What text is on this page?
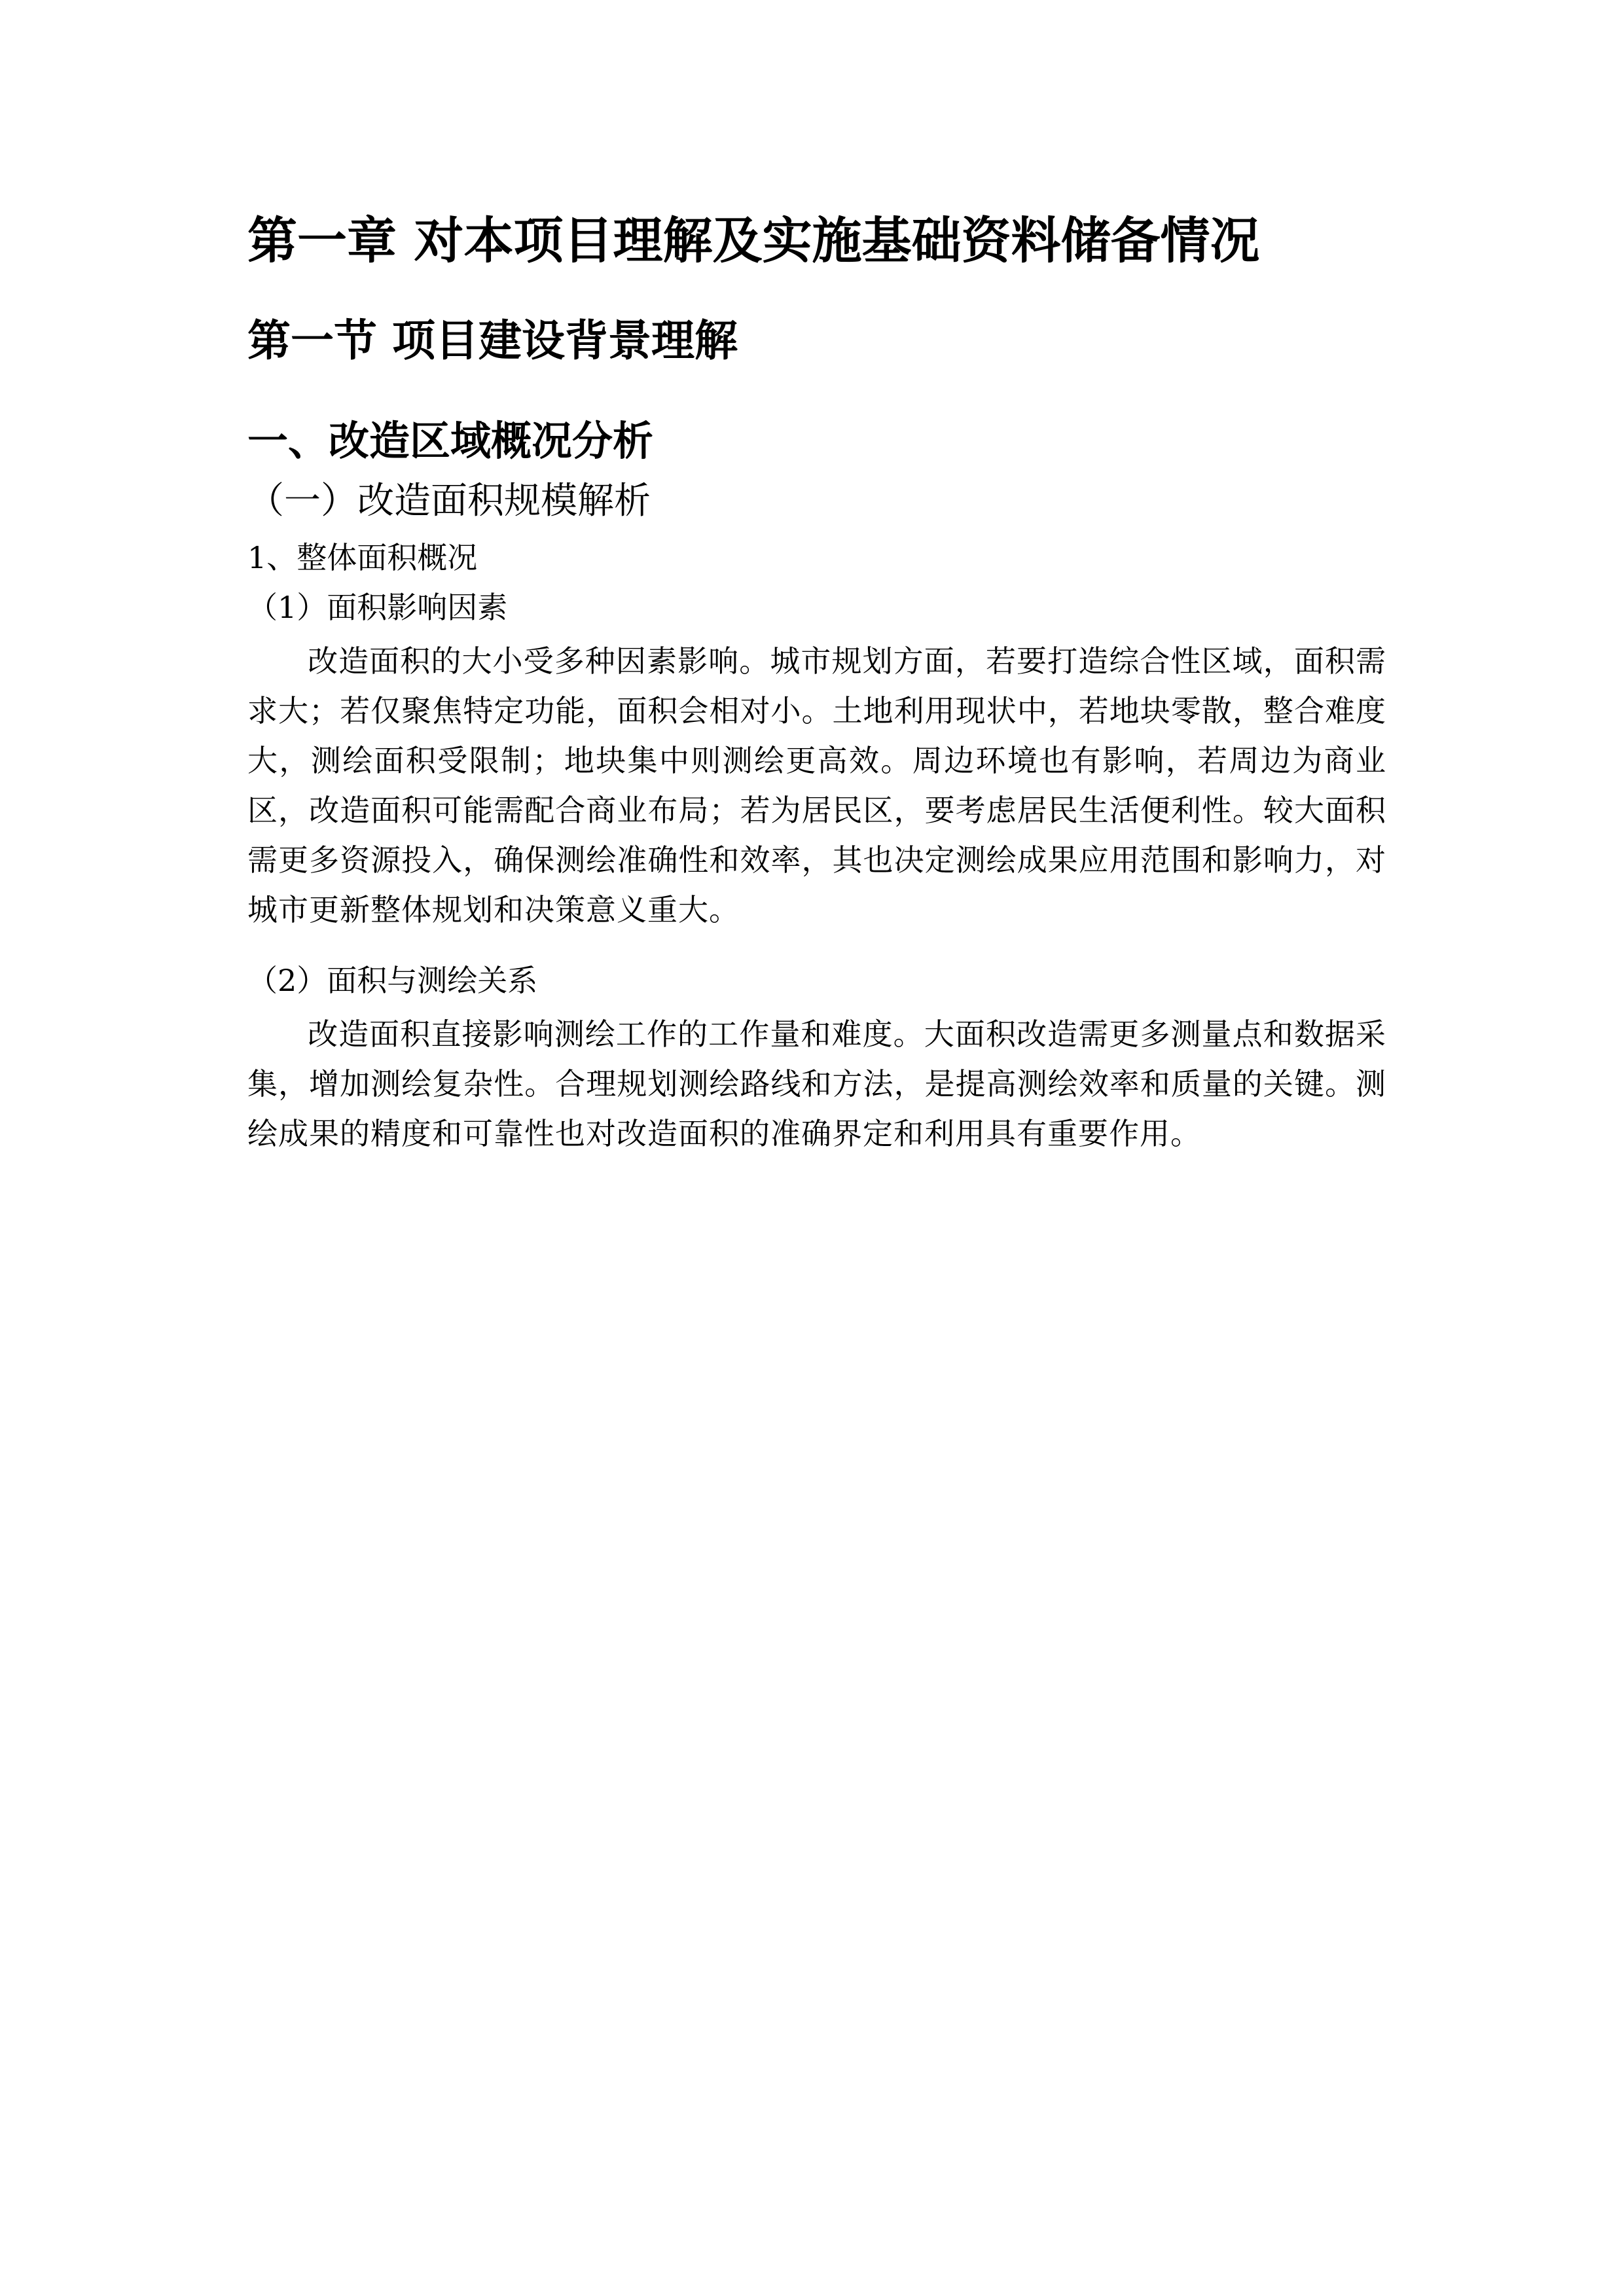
第一章 对本项目理解及实施基础资料储备情况
第一节 项目建设背景理解
一、改造区域概况分析
（一）改造面积规模解析
1、整体面积概况
（1）面积影响因素

改造面积的大小受多种因素影响。城市规划方面，若要打造综合性区域，面积需求大；若仅聚焦特定功能，面积会相对小。土地利用现状中，若地块零散，整合难度大，测绘面积受限制；地块集中则测绘更高效。周边环境也有影响，若周边为商业区，改造面积可能需配合商业布局；若为居民区，要考虑居民生活便利性。较大面积需更多资源投入，确保测绘准确性和效率，其也决定测绘成果应用范围和影响力，对城市更新整体规划和决策意义重大。

（2）面积与测绘关系

改造面积直接影响测绘工作的工作量和难度。大面积改造需更多测量点和数据采集，增加测绘复杂性。合理规划测绘路线和方法，是提高测绘效率和质量的关键。测绘成果的精度和可靠性也对改造面积的准确界定和利用具有重要作用。
